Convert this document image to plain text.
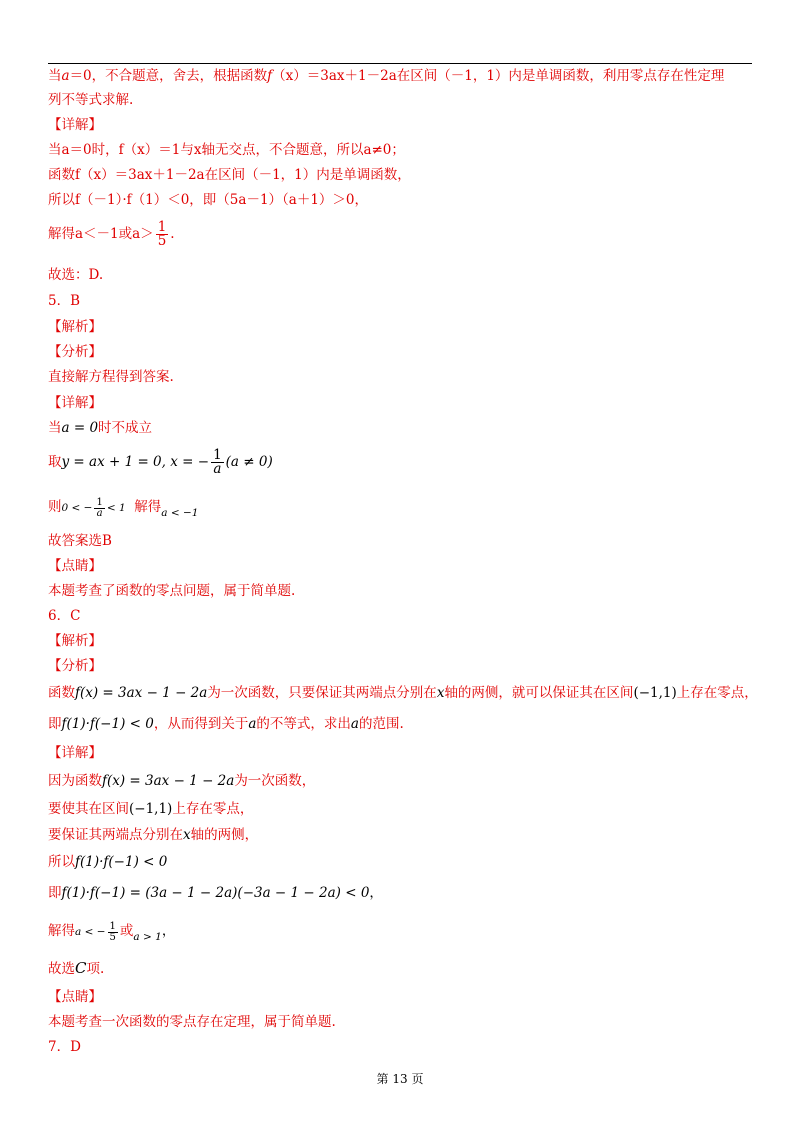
当a＝0，不合题意，舍去，根据函数f（x）＝3ax＋1－2a在区间（－1，1）内是单调函数，利用零点存在性定理
列不等式求解.
【详解】
当a＝0时，f（x）＝1与x轴无交点，不合题意，所以a≠0；
函数f（x）＝3ax＋1－2a在区间（－1，1）内是单调函数，
所以f（－1）·f（1）＜0，即（5a－1）（a＋1）＞0，
解得a＜－1或$a> \frac{1}{5}$ .
故选：D.
5．B
【解析】
【分析】
直接解方程得到答案.
【详解】
当a = 0时不成立
取y = ax + 1 = 0, x = − $\frac{1}{a} (a \ne 0)$
则0 < − $\frac{1}{a} < 1$ 解得$_{a < -1}$
故答案选B
【点睛】
本题考查了函数的零点问题，属于简单题.
6．C
【解析】
【分析】
函数f(x) = 3ax − 1 − 2a为一次函数，只要保证其两端点分别在x轴的两侧，就可以保证其在区间(−1,1)上存在零点，
即f(1)·f(−1) < 0，从而得到关于a的不等式，求出a的范围.
【详解】
因为函数f(x) = 3ax − 1 − 2a为一次函数，
要使其在区间(−1,1)上存在零点，
要保证其两端点分别在x轴的两侧，
所以f(1)·f(−1) < 0
即f(1)·f(−1) = (3a − 1 − 2a)(−3a − 1 − 2a) < 0，
解得a < − $\frac{1}{5}$ 或$_{a > 1}$，
故选C项.
【点睛】
本题考查一次函数的零点存在定理，属于简单题.
7．D
第 13 页
